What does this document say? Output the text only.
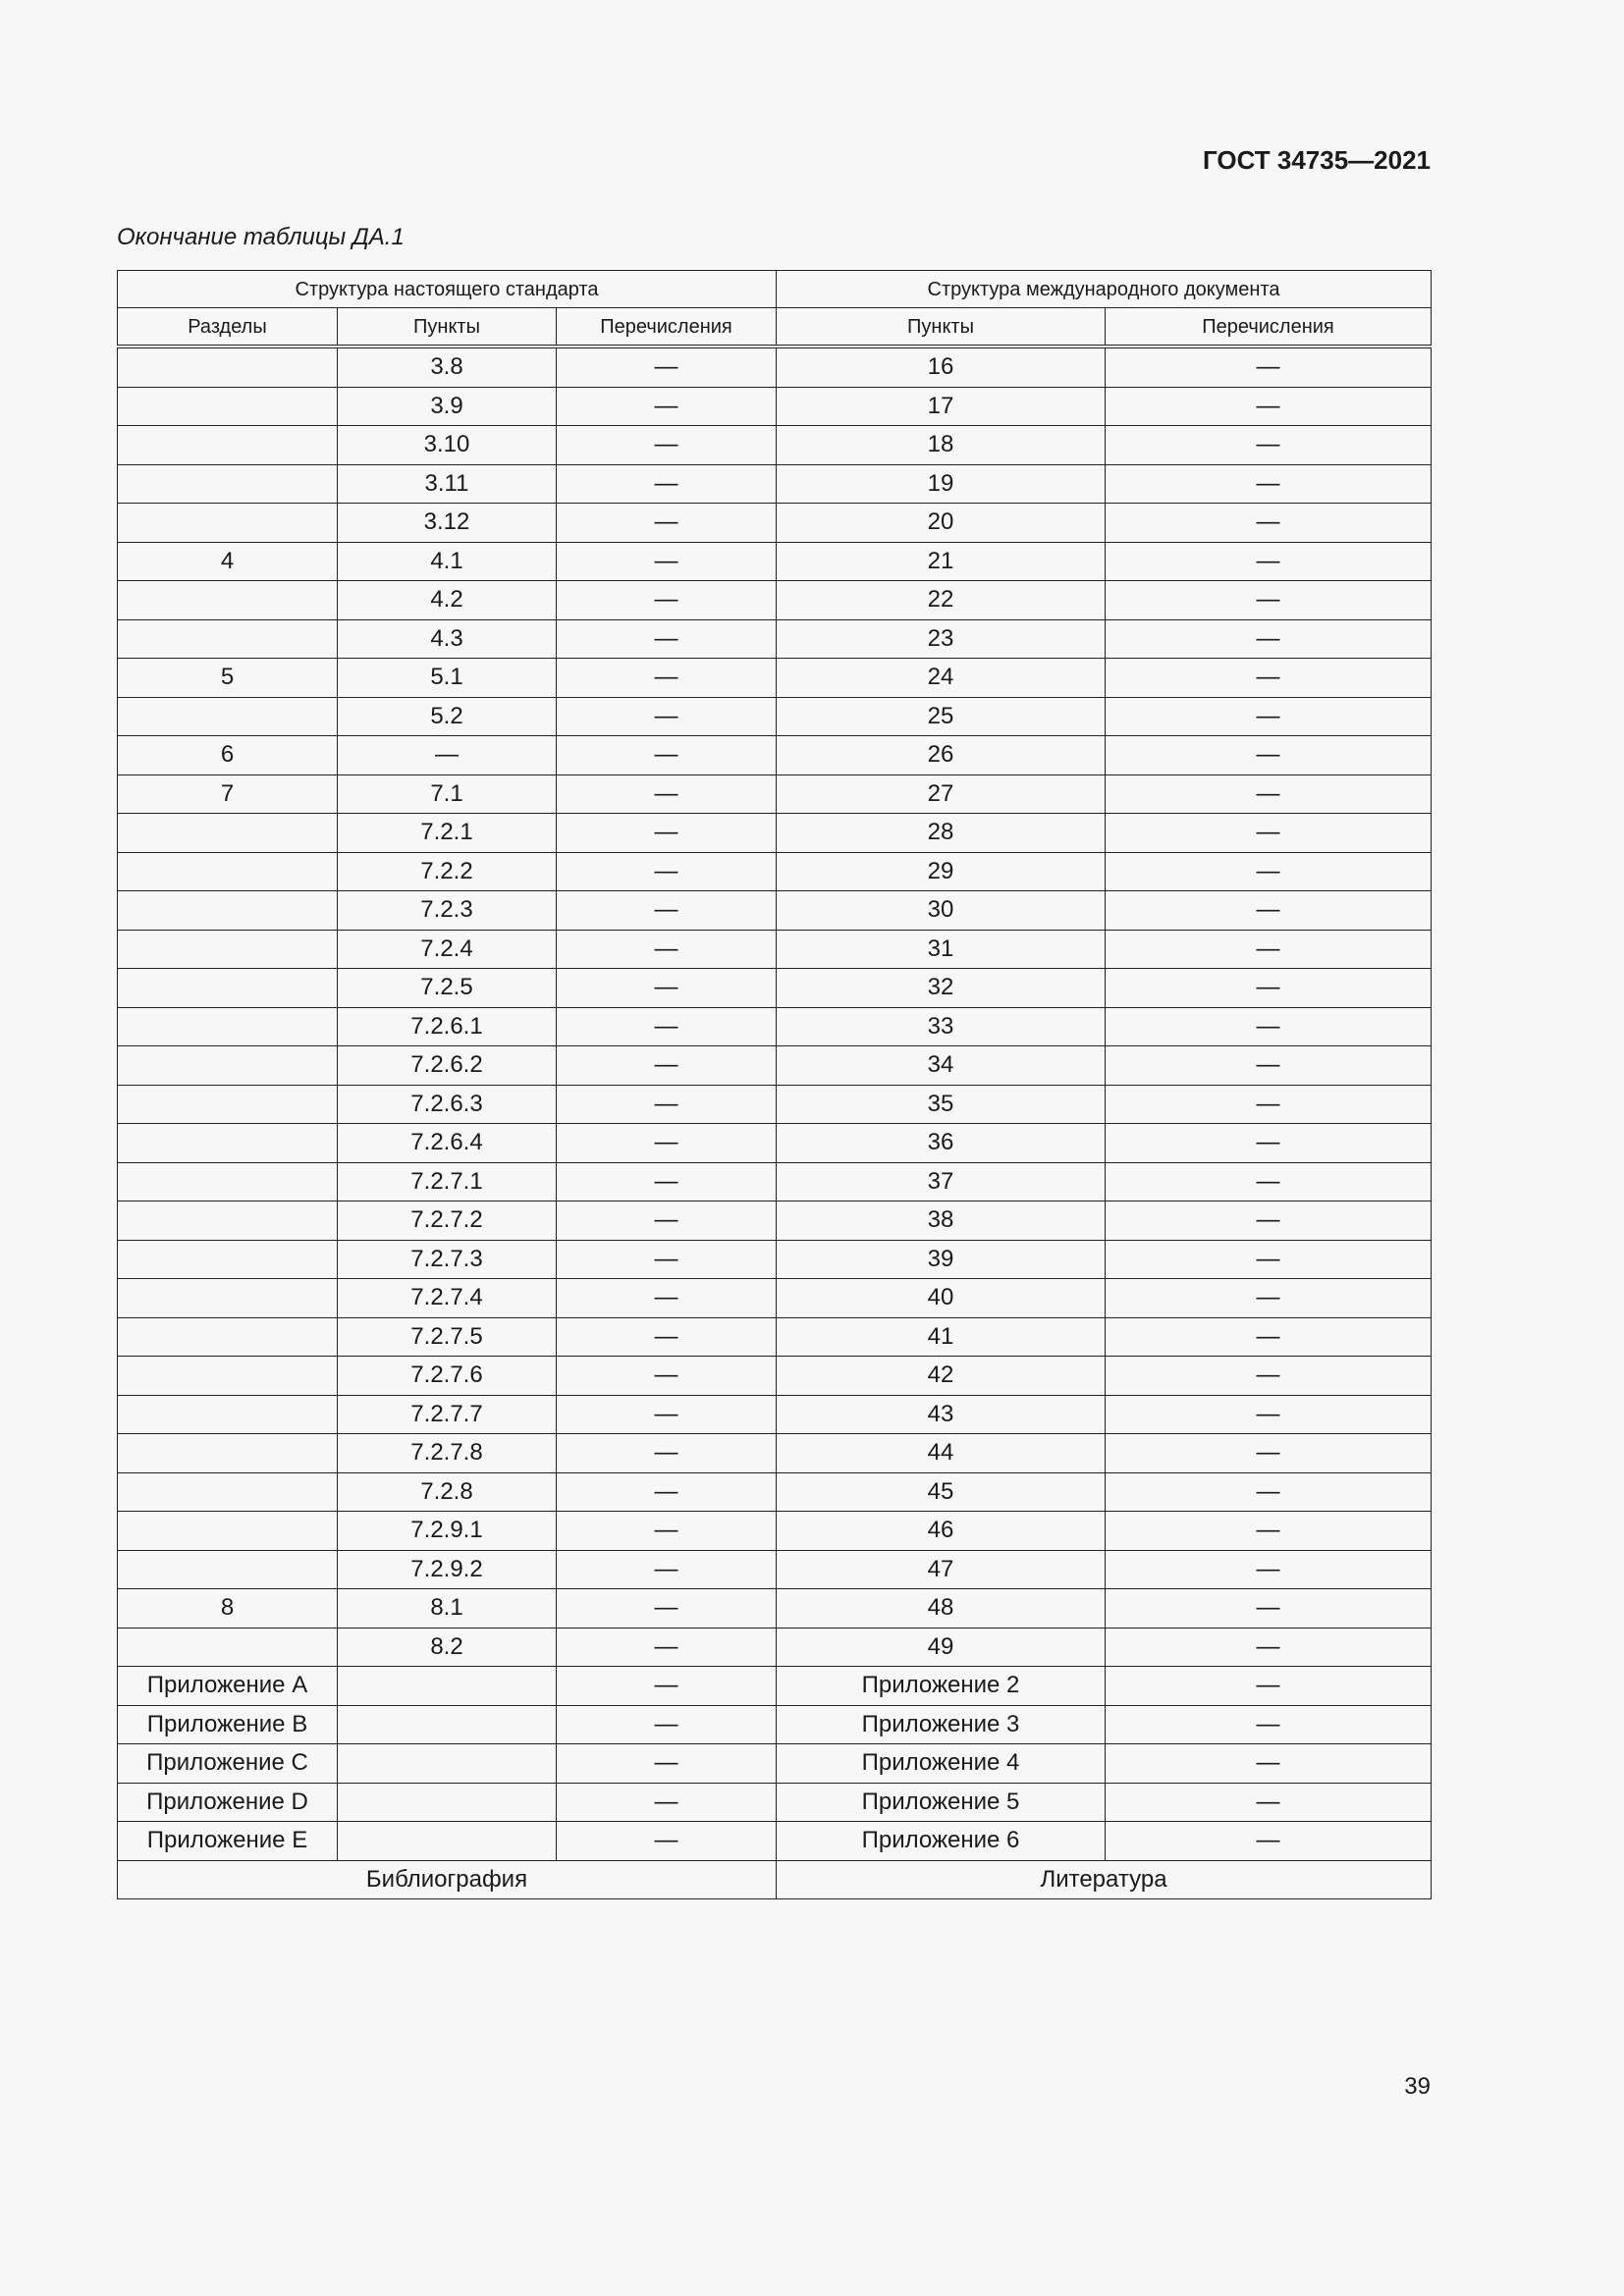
ГОСТ 34735—2021
Окончание таблицы ДА.1
Структура настоящего стандарта			Структура международного документа	
Разделы	Пункты	Перечисления	Пункты	Перечисления
	3.8	—	16	—
	3.9	—	17	—
	3.10	—	18	—
	3.11	—	19	—
	3.12	—	20	—
4	4.1	—	21	—
	4.2	—	22	—
	4.3	—	23	—
5	5.1	—	24	—
	5.2	—	25	—
6	—	—	26	—
7	7.1	—	27	—
	7.2.1	—	28	—
	7.2.2	—	29	—
	7.2.3	—	30	—
	7.2.4	—	31	—
	7.2.5	—	32	—
	7.2.6.1	—	33	—
	7.2.6.2	—	34	—
	7.2.6.3	—	35	—
	7.2.6.4	—	36	—
	7.2.7.1	—	37	—
	7.2.7.2	—	38	—
	7.2.7.3	—	39	—
	7.2.7.4	—	40	—
	7.2.7.5	—	41	—
	7.2.7.6	—	42	—
	7.2.7.7	—	43	—
	7.2.7.8	—	44	—
	7.2.8	—	45	—
	7.2.9.1	—	46	—
	7.2.9.2	—	47	—
8	8.1	—	48	—
	8.2	—	49	—
Приложение А		—	Приложение 2	—
Приложение В		—	Приложение 3	—
Приложение С		—	Приложение 4	—
Приложение D		—	Приложение 5	—
Приложение Е		—	Приложение 6	—
Библиография			Литература	
39
